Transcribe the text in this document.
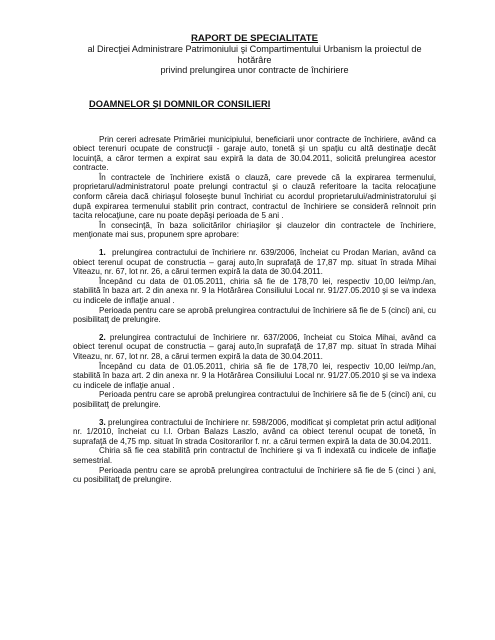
RAPORT DE SPECIALITATE
al Direcţiei Administrare Patrimoniului şi Compartimentului Urbanism la proiectul de hotărâre
privind prelungirea unor contracte de închiriere
DOAMNELOR ŞI DOMNILOR CONSILIERI

Prin cereri adresate Primăriei municipiului, beneficiarii unor contracte de închiriere, având ca obiect terenuri ocupate de construcţii - garaje auto, tonetă şi un spaţiu cu altă destinaţie decât locuinţă, a căror termen a expirat sau expiră la data de 30.04.2011, solicită prelungirea acestor contracte.

În contractele de închiriere există o clauză, care prevede că la expirarea termenului, proprietarul/administratorul poate prelungi contractul şi o clauză referitoare la tacita relocaţiune conform căreia dacă chiriaşul foloseşte bunul închiriat cu acordul proprietarului/administratorului şi după expirarea termenului stabilit prin contract, contractul de închiriere se consideră reînnoit prin tacita relocaţiune, care nu poate depăşi perioada de 5 ani .

În consecinţă, în baza solicitărilor chiriaşilor şi clauzelor din contractele de închiriere, menţionate mai sus, propunem spre aprobare:

1. prelungirea contractului de închiriere nr. 639/2006, încheiat cu Prodan Marian, având ca obiect terenul ocupat de constructia – garaj auto,în suprafaţă de 17,87 mp. situat în strada Mihai Viteazu, nr. 67, lot nr. 26, a cărui termen expiră la data de 30.04.2011.

Începând cu data de 01.05.2011, chiria să fie de 178,70 lei, respectiv 10,00 lei/mp./an, stabilită în baza art. 2 din anexa nr. 9 la Hotărârea Consiliului Local nr. 91/27.05.2010 şi se va indexa cu indicele de inflaţie anual .

Perioada pentru care se aprobă prelungirea contractului de închiriere să fie de 5 (cinci) ani, cu posibilitatţ de prelungire.

2. prelungirea contractului de închiriere nr. 637/2006, încheiat cu Stoica Mihai, având ca obiect terenul ocupat de constructia – garaj auto,în suprafaţă de 17,87 mp. situat în strada Mihai Viteazu, nr. 67, lot nr. 28, a cărui termen expiră la data de 30.04.2011.

Începând cu data de 01.05.2011, chiria să fie de 178,70 lei, respectiv 10,00 lei/mp./an, stabilită în baza art. 2 din anexa nr. 9 la Hotărârea Consiliului Local nr. 91/27.05.2010 şi se va indexa cu indicele de inflaţie anual .

Perioada pentru care se aprobă prelungirea contractului de închiriere să fie de 5 (cinci) ani, cu posibilitatţ de prelungire.

3. prelungirea contractului de închiriere nr. 598/2006, modificat şi completat prin actul adiţional nr. 1/2010, încheiat cu I.I. Orban Balazs Laszlo, având ca obiect terenul ocupat de tonetă, în suprafaţă de 4,75 mp. situat în strada Cositorarilor f. nr. a cărui termen expiră la data de 30.04.2011.

Chiria să fie cea stabilită prin contractul de închiriere şi va fi indexată cu indicele de inflaţie semestrial.

Perioada pentru care se aprobă prelungirea contractului de închiriere să fie de 5 (cinci ) ani, cu posibilitatţ de prelungire.
